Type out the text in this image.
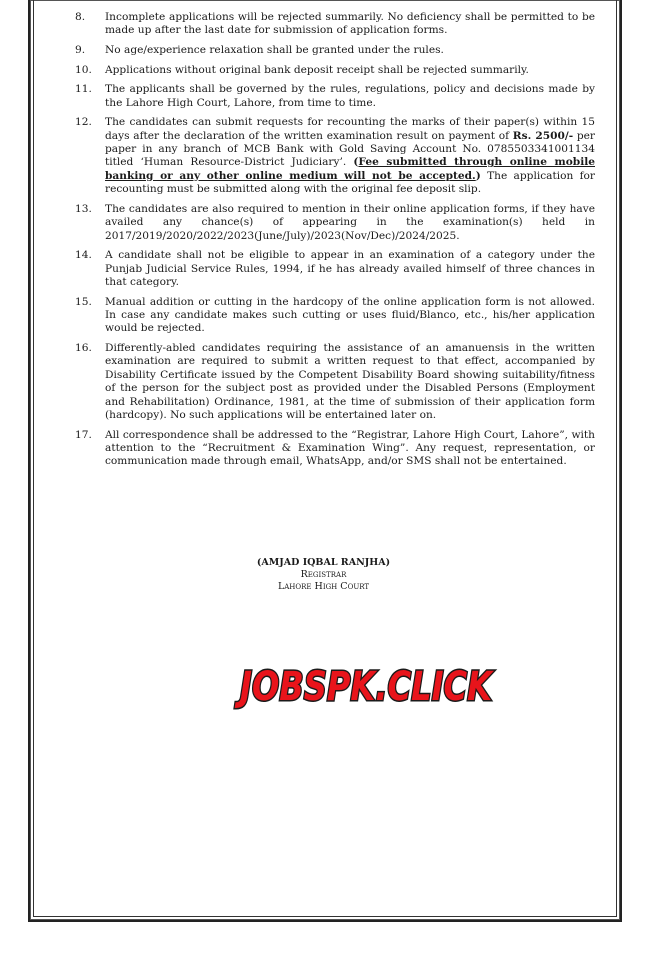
8.	Incomplete applications will be rejected summarily. No deficiency shall be permitted to be made up after the last date for submission of application forms.
9.	No age/experience relaxation shall be granted under the rules.
10.	Applications without original bank deposit receipt shall be rejected summarily.
11.	The applicants shall be governed by the rules, regulations, policy and decisions made by the Lahore High Court, Lahore, from time to time.
12.	The candidates can submit requests for recounting the marks of their paper(s) within 15 days after the declaration of the written examination result on payment of Rs. 2500/- per paper in any branch of MCB Bank with Gold Saving Account No. 0785503341001134 titled ‘Human Resource-District Judiciary’. (Fee submitted through online mobile banking or any other online medium will not be accepted.) The application for recounting must be submitted along with the original fee deposit slip.
13.	The candidates are also required to mention in their online application forms, if they have availed any chance(s) of appearing in the examination(s) held in 2017/2019/2020/2022/2023(June/July)/2023(Nov/Dec)/2024/2025.
14.	A candidate shall not be eligible to appear in an examination of a category under the Punjab Judicial Service Rules, 1994, if he has already availed himself of three chances in that category.
15.	Manual addition or cutting in the hardcopy of the online application form is not allowed. In case any candidate makes such cutting or uses fluid/Blanco, etc., his/her application would be rejected.
16.	Differently-abled candidates requiring the assistance of an amanuensis in the written examination are required to submit a written request to that effect, accompanied by Disability Certificate issued by the Competent Disability Board showing suitability/fitness of the person for the subject post as provided under the Disabled Persons (Employment and Rehabilitation) Ordinance, 1981, at the time of submission of their application form (hardcopy). No such applications will be entertained later on.
17.	All correspondence shall be addressed to the “Registrar, Lahore High Court, Lahore”, with attention to the “Recruitment & Examination Wing”. Any request, representation, or communication made through email, WhatsApp, and/or SMS shall not be entertained.
(AMJAD IQBAL RANJHA)
Registrar
Lahore High Court
JOBSPK.CLICK
